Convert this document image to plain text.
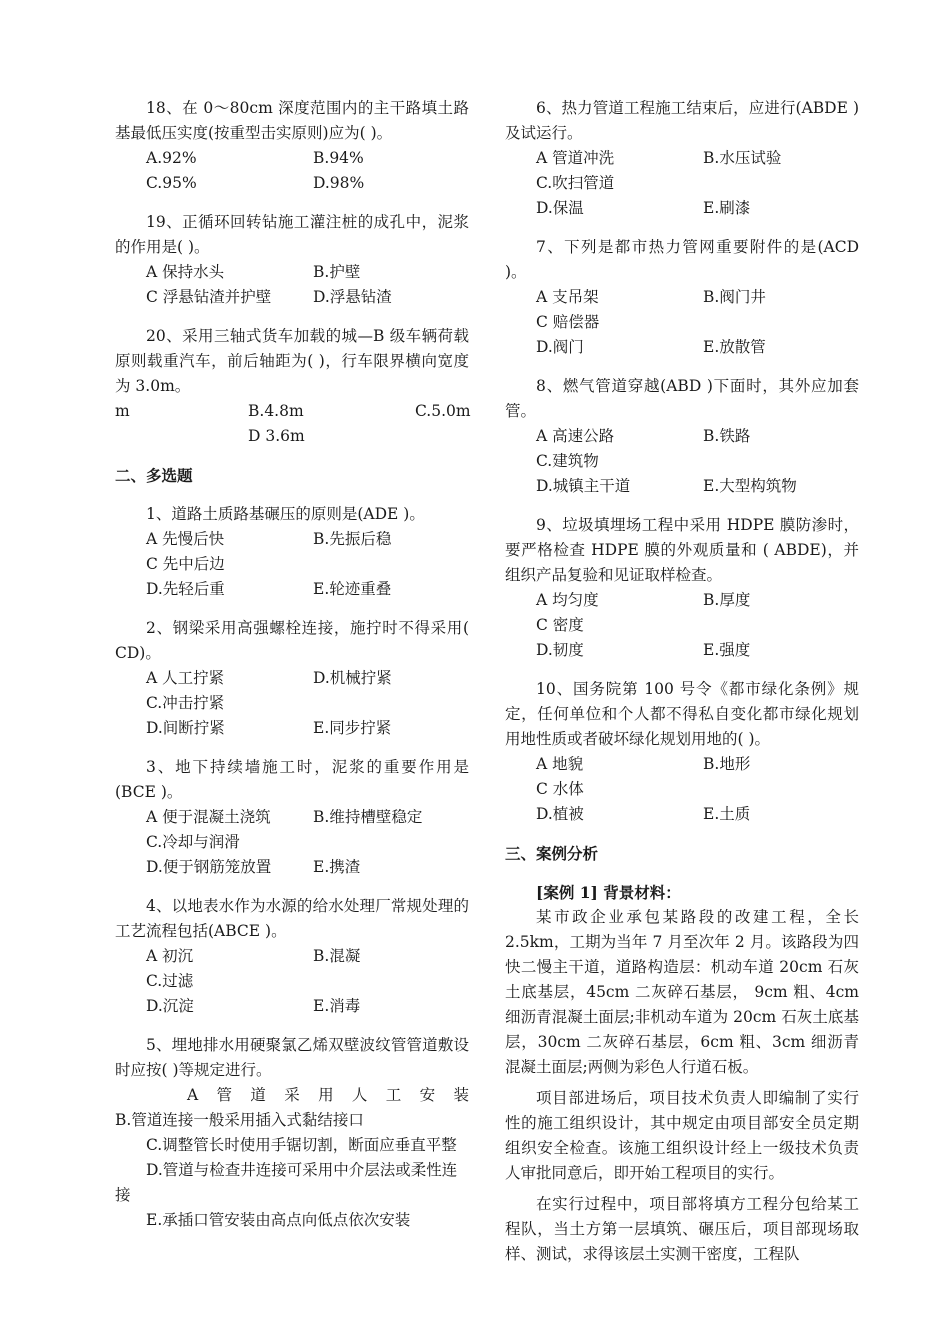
18、在 0～80cm 深度范围内的主干路填土路基最低压实度(按重型击实原则)应为( )。
A.92%	B.94%
C.95%	D.98%
19、正循环回转钻施工灌注桩的成孔中，泥浆的作用是( )。
A 保持水头	B.护壁
C 浮悬钻渣并护壁	D.浮悬钻渣
20、采用三轴式货车加载的城—B 级车辆荷载原则载重汽车，前后轴距为( )，行车限界横向宽度为 3.0m。
m	B.4.8m	C.5.0m
D 3.6m
二、多选题
1、道路土质路基碾压的原则是(ADE )。
A 先慢后快	B.先振后稳
C 先中后边
D.先轻后重	E.轮迹重叠
2、钢梁采用高强螺栓连接，施拧时不得采用( CD)。
A 人工拧紧	D.机械拧紧
C.冲击拧紧
D.间断拧紧	E.同步拧紧
3、地下持续墙施工时，泥浆的重要作用是(BCE )。
A 便于混凝土浇筑	B.维持槽壁稳定
C.冷却与润滑
D.便于钢筋笼放置	E.携渣
4、以地表水作为水源的给水处理厂常规处理的工艺流程包括(ABCE )。
A 初沉	B.混凝
C.过滤
D.沉淀	E.消毒
5、埋地排水用硬聚氯乙烯双壁波纹管管道敷设时应按( )等规定进行。
A 管 道 采 用 人 工 安 装
B.管道连接一般采用插入式黏结接口
C.调整管长时使用手锯切割，断面应垂直平整
D.管道与检查井连接可采用中介层法或柔性连接
E.承插口管安装由高点向低点依次安装
6、热力管道工程施工结束后，应进行(ABDE )及试运行。
A 管道冲洗	B.水压试验
C.吹扫管道
D.保温	E.刷漆
7、下列是都市热力管网重要附件的是(ACD )。
A 支吊架	B.阀门井
C 赔偿器
D.阀门	E.放散管
8、燃气管道穿越(ABD )下面时，其外应加套管。
A 高速公路	B.铁路
C.建筑物
D.城镇主干道	E.大型构筑物
9、垃圾填埋场工程中采用 HDPE 膜防渗时，要严格检查 HDPE 膜的外观质量和 ( ABDE)，并组织产品复验和见证取样检查。
A 均匀度	B.厚度
C 密度
D.韧度	E.强度
10、国务院第 100 号令《都市绿化条例》规定，任何单位和个人都不得私自变化都市绿化规划用地性质或者破坏绿化规划用地的( )。
A 地貌	B.地形
C 水体
D.植被	E.土质
三、案例分析
[案例 1] 背景材料：
某市政企业承包某路段的改建工程，全长 2.5km，工期为当年 7 月至次年 2 月。该路段为四快二慢主干道，道路构造层：机动车道 20cm 石灰土底基层，45cm 二灰碎石基层， 9cm 粗、4cm 细沥青混凝土面层;非机动车道为 20cm 石灰土底基层，30cm 二灰碎石基层，6cm 粗、3cm 细沥青混凝土面层;两侧为彩色人行道石板。
项目部进场后，项目技术负责人即编制了实行性的施工组织设计，其中规定由项目部安全员定期组织安全检查。该施工组织设计经上一级技术负责人审批同意后，即开始工程项目的实行。
在实行过程中，项目部将填方工程分包给某工程队，当土方第一层填筑、碾压后，项目部现场取样、测试，求得该层土实测干密度，工程队
